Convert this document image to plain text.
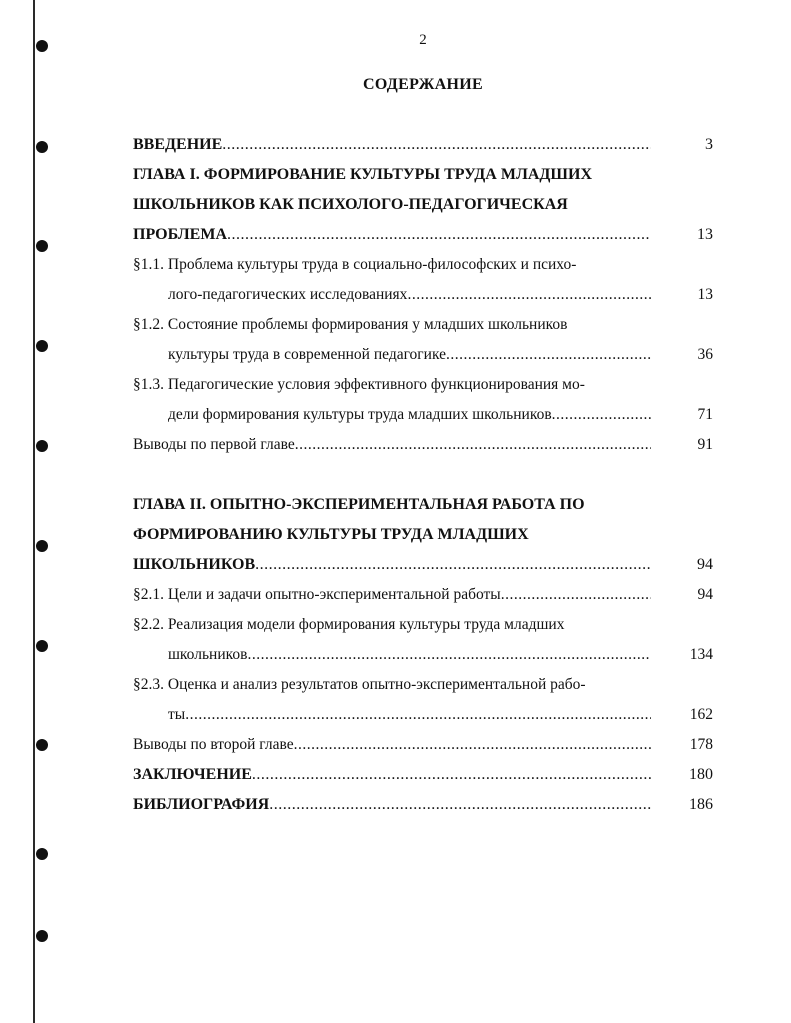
2
СОДЕРЖАНИЕ
ВВЕДЕНИЕ .....	3
ГЛАВА I. ФОРМИРОВАНИЕ КУЛЬТУРЫ ТРУДА МЛАДШИХ
ШКОЛЬНИКОВ КАК ПСИХОЛОГО-ПЕДАГОГИЧЕСКАЯ
ПРОБЛЕМА .....	13
§1.1. Проблема культуры труда в социально-философских и психо-
лого-педагогических исследованиях .....	13
§1.2. Состояние проблемы формирования у младших школьников
культуры труда в современной педагогике .....	36
§1.3. Педагогические условия эффективного функционирования мо-
дели формирования культуры труда младших школьников .....	71
Выводы по первой главе .....	91
ГЛАВА II. ОПЫТНО-ЭКСПЕРИМЕНТАЛЬНАЯ РАБОТА ПО
ФОРМИРОВАНИЮ КУЛЬТУРЫ ТРУДА МЛАДШИХ
ШКОЛЬНИКОВ .....	94
§2.1. Цели и задачи опытно-экспериментальной работы .....	94
§2.2. Реализация модели формирования культуры труда младших
школьников .....	134
§2.3. Оценка и анализ результатов опытно-экспериментальной рабо-
ты .....	162
Выводы по второй главе .....	178
ЗАКЛЮЧЕНИЕ .....	180
БИБЛИОГРАФИЯ .....	186
